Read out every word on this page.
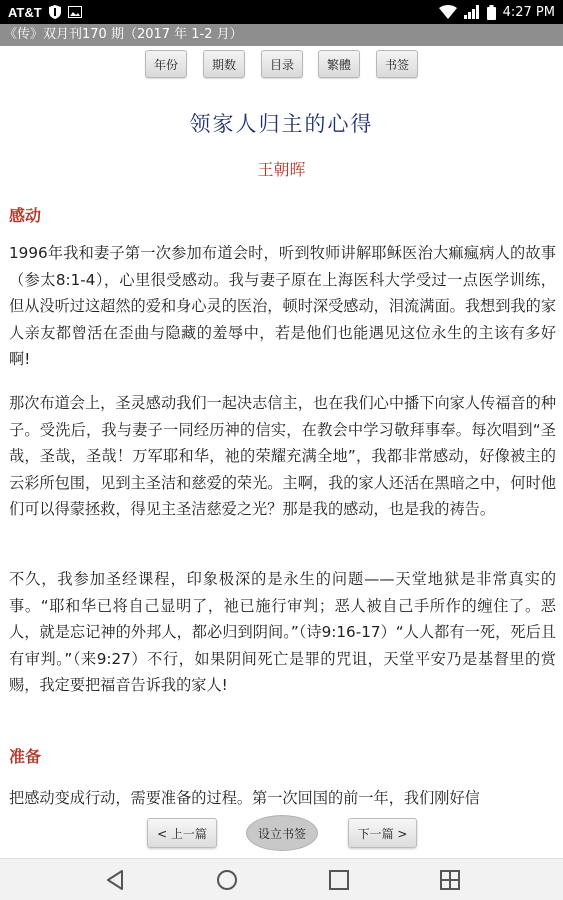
AT&T	4:27 PM
《传》双月刊170 期（2017 年 1-2 月）
年份	期数	目录	繁體	书签
领家人归主的心得
王朝晖
感动
1996年我和妻子第一次参加布道会时，听到牧师讲解耶稣医治大痲瘋病人的故事（参太8:1-4），心里很受感动。我与妻子原在上海医科大学受过一点医学训练，但从没听过这超然的爱和身心灵的医治，顿时深受感动，泪流满面。我想到我的家人亲友都曾活在歪曲与隐藏的羞辱中，若是他们也能遇见这位永生的主该有多好啊!
那次布道会上，圣灵感动我们一起决志信主，也在我们心中播下向家人传福音的种子。受洗后，我与妻子一同经历神的信实，在教会中学习敬拜事奉。每次唱到“圣哉，圣哉，圣哉！万军耶和华，祂的荣耀充满全地”，我都非常感动，好像被主的云彩所包围，见到主圣洁和慈爱的荣光。主啊，我的家人还活在黑暗之中，何时他们可以得蒙拯救，得见主圣洁慈爱之光？那是我的感动，也是我的祷告。
不久，我参加圣经课程，印象极深的是永生的问题——天堂地狱是非常真实的事。“耶和华已将自己显明了，祂已施行审判；恶人被自己手所作的缠住了。恶人，就是忘记神的外邦人，都必归到阴间。”（诗9:16-17）“人人都有一死，死后且有审判。”（来9:27）不行，如果阴间死亡是罪的咒诅，天堂平安乃是基督里的赏赐，我定要把福音告诉我的家人!
准备
把感动变成行动，需要准备的过程。第一次回国的前一年，我们刚好信
< 上一篇	设立书签	下一篇 >
